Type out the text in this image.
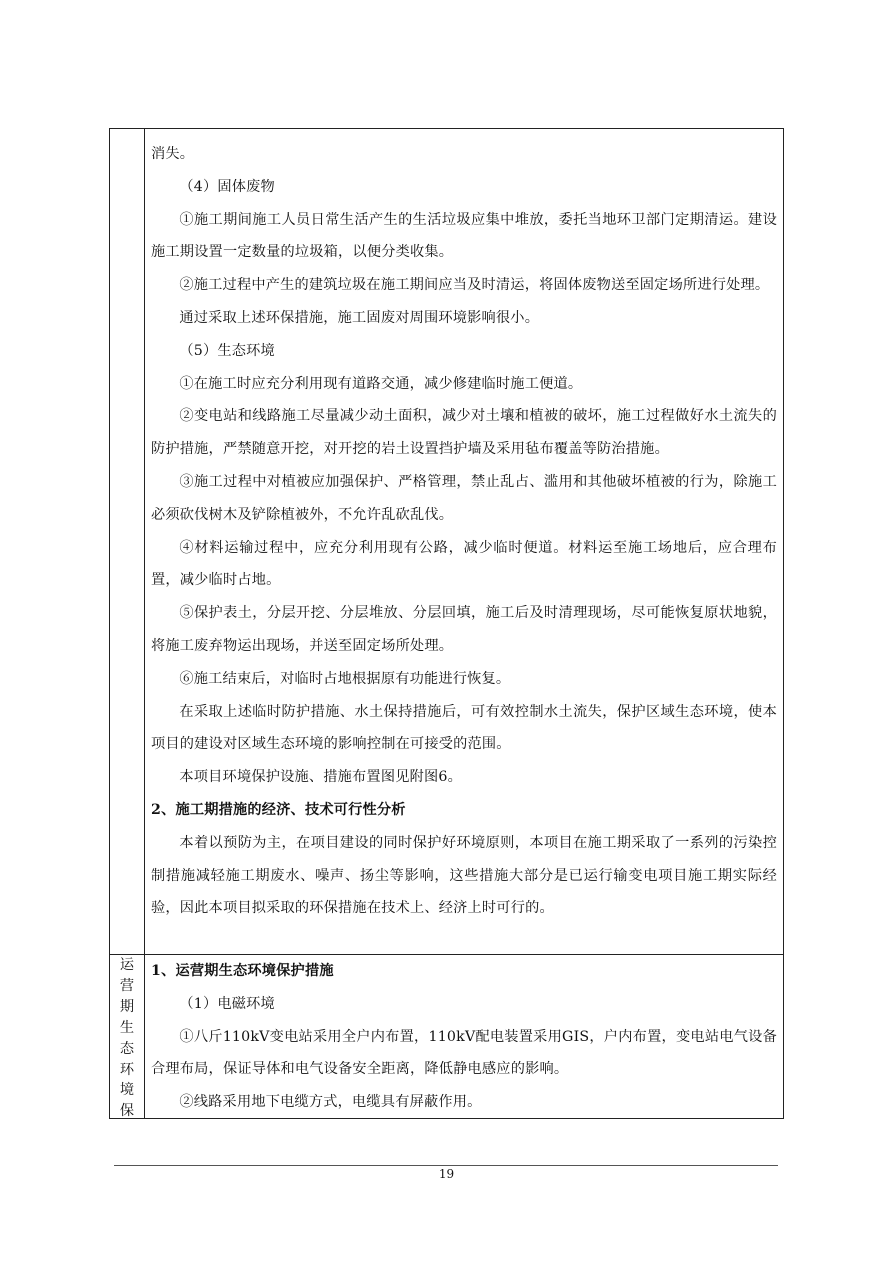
消失。

（4）固体废物

①施工期间施工人员日常生活产生的生活垃圾应集中堆放，委托当地环卫部门定期清运。建设施工期设置一定数量的垃圾箱，以便分类收集。

②施工过程中产生的建筑垃圾在施工期间应当及时清运，将固体废物送至固定场所进行处理。

通过采取上述环保措施，施工固废对周围环境影响很小。

（5）生态环境

①在施工时应充分利用现有道路交通，减少修建临时施工便道。

②变电站和线路施工尽量减少动土面积，减少对土壤和植被的破坏，施工过程做好水土流失的防护措施，严禁随意开挖，对开挖的岩土设置挡护墙及采用毡布覆盖等防治措施。

③施工过程中对植被应加强保护、严格管理，禁止乱占、滥用和其他破坏植被的行为，除施工必须砍伐树木及铲除植被外，不允许乱砍乱伐。

④材料运输过程中，应充分利用现有公路，减少临时便道。材料运至施工场地后，应合理布置，减少临时占地。

⑤保护表土，分层开挖、分层堆放、分层回填，施工后及时清理现场，尽可能恢复原状地貌，将施工废弃物运出现场，并送至固定场所处理。

⑥施工结束后，对临时占地根据原有功能进行恢复。

在采取上述临时防护措施、水土保持措施后，可有效控制水土流失，保护区域生态环境，使本项目的建设对区域生态环境的影响控制在可接受的范围。

本项目环境保护设施、措施布置图见附图6。

2、施工期措施的经济、技术可行性分析

本着以预防为主，在项目建设的同时保护好环境原则，本项目在施工期采取了一系列的污染控制措施减轻施工期废水、噪声、扬尘等影响，这些措施大部分是已运行输变电项目施工期实际经验，因此本项目拟采取的环保措施在技术上、经济上时可行的。

运
营
期
生
态
环
境
保

1、运营期生态环境保护措施

（1）电磁环境

①八斤110kV变电站采用全户内布置，110kV配电装置采用GIS，户内布置，变电站电气设备合理布局，保证导体和电气设备安全距离，降低静电感应的影响。

②线路采用地下电缆方式，电缆具有屏蔽作用。

19
